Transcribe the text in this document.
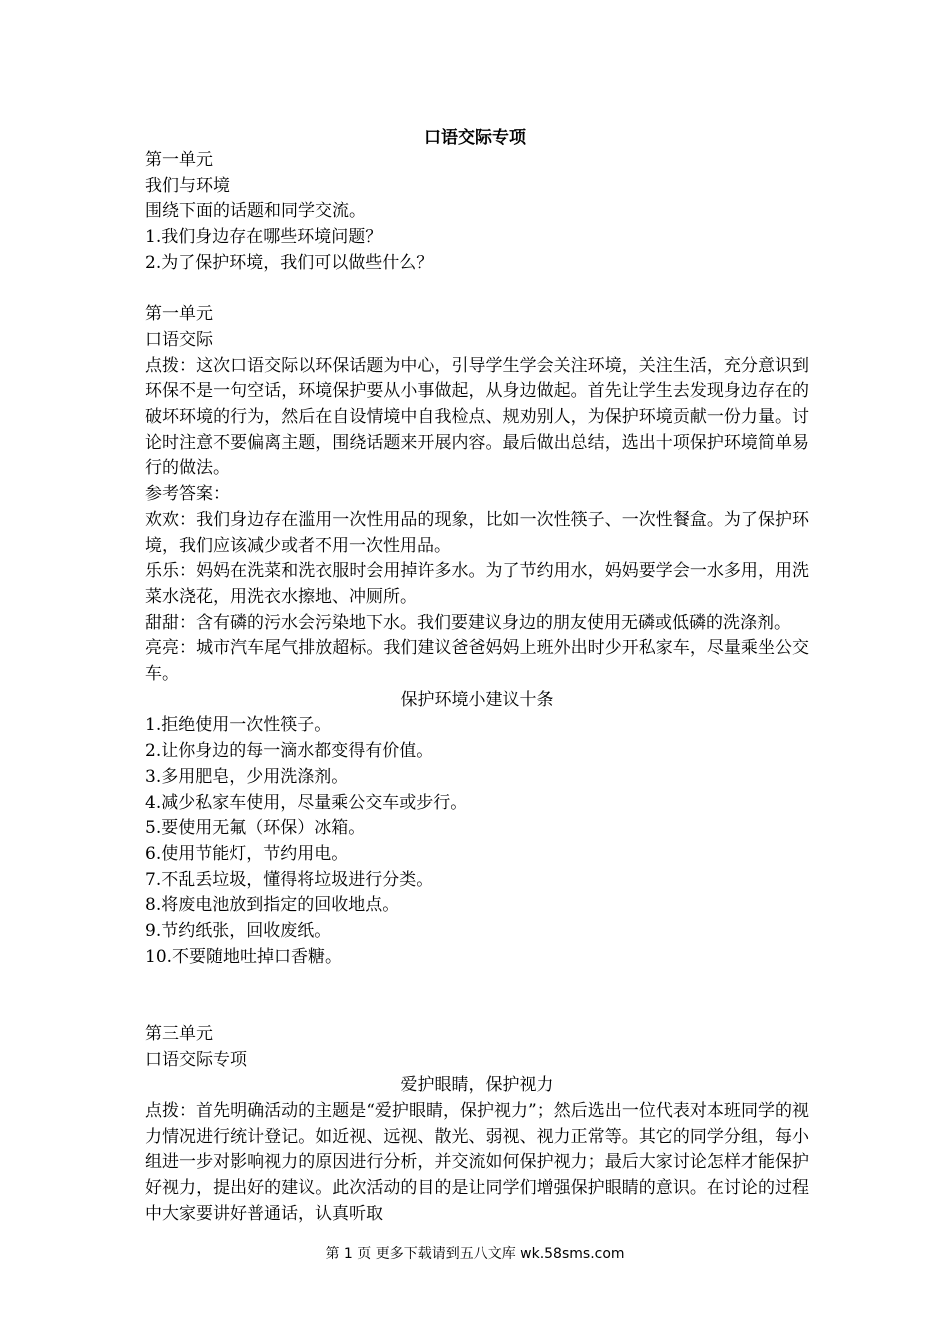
口语交际专项

第一单元

我们与环境

围绕下面的话题和同学交流。

1.我们身边存在哪些环境问题？

2.为了保护环境，我们可以做些什么？

第一单元

口语交际

点拨：这次口语交际以环保话题为中心，引导学生学会关注环境，关注生活，充分意识到环保不是一句空话，环境保护要从小事做起，从身边做起。首先让学生去发现身边存在的破坏环境的行为，然后在自设情境中自我检点、规劝别人，为保护环境贡献一份力量。讨论时注意不要偏离主题，围绕话题来开展内容。最后做出总结，选出十项保护环境简单易行的做法。

参考答案：

欢欢：我们身边存在滥用一次性用品的现象，比如一次性筷子、一次性餐盒。为了保护环境，我们应该减少或者不用一次性用品。

乐乐：妈妈在洗菜和洗衣服时会用掉许多水。为了节约用水，妈妈要学会一水多用，用洗菜水浇花，用洗衣水擦地、冲厕所。

甜甜：含有磷的污水会污染地下水。我们要建议身边的朋友使用无磷或低磷的洗涤剂。

亮亮：城市汽车尾气排放超标。我们建议爸爸妈妈上班外出时少开私家车，尽量乘坐公交车。

保护环境小建议十条

1.拒绝使用一次性筷子。

2.让你身边的每一滴水都变得有价值。

3.多用肥皂，少用洗涤剂。

4.减少私家车使用，尽量乘公交车或步行。

5.要使用无氟（环保）冰箱。

6.使用节能灯，节约用电。

7.不乱丢垃圾，懂得将垃圾进行分类。

8.将废电池放到指定的回收地点。

9.节约纸张，回收废纸。

10.不要随地吐掉口香糖。

第三单元

口语交际专项

爱护眼睛，保护视力

点拨：首先明确活动的主题是“爱护眼睛，保护视力”；然后选出一位代表对本班同学的视力情况进行统计登记。如近视、远视、散光、弱视、视力正常等。其它的同学分组，每小组进一步对影响视力的原因进行分析，并交流如何保护视力；最后大家讨论怎样才能保护好视力，提出好的建议。此次活动的目的是让同学们增强保护眼睛的意识。在讨论的过程中大家要讲好普通话，认真听取

第 1 页 更多下载请到五八文库 wk.58sms.com
